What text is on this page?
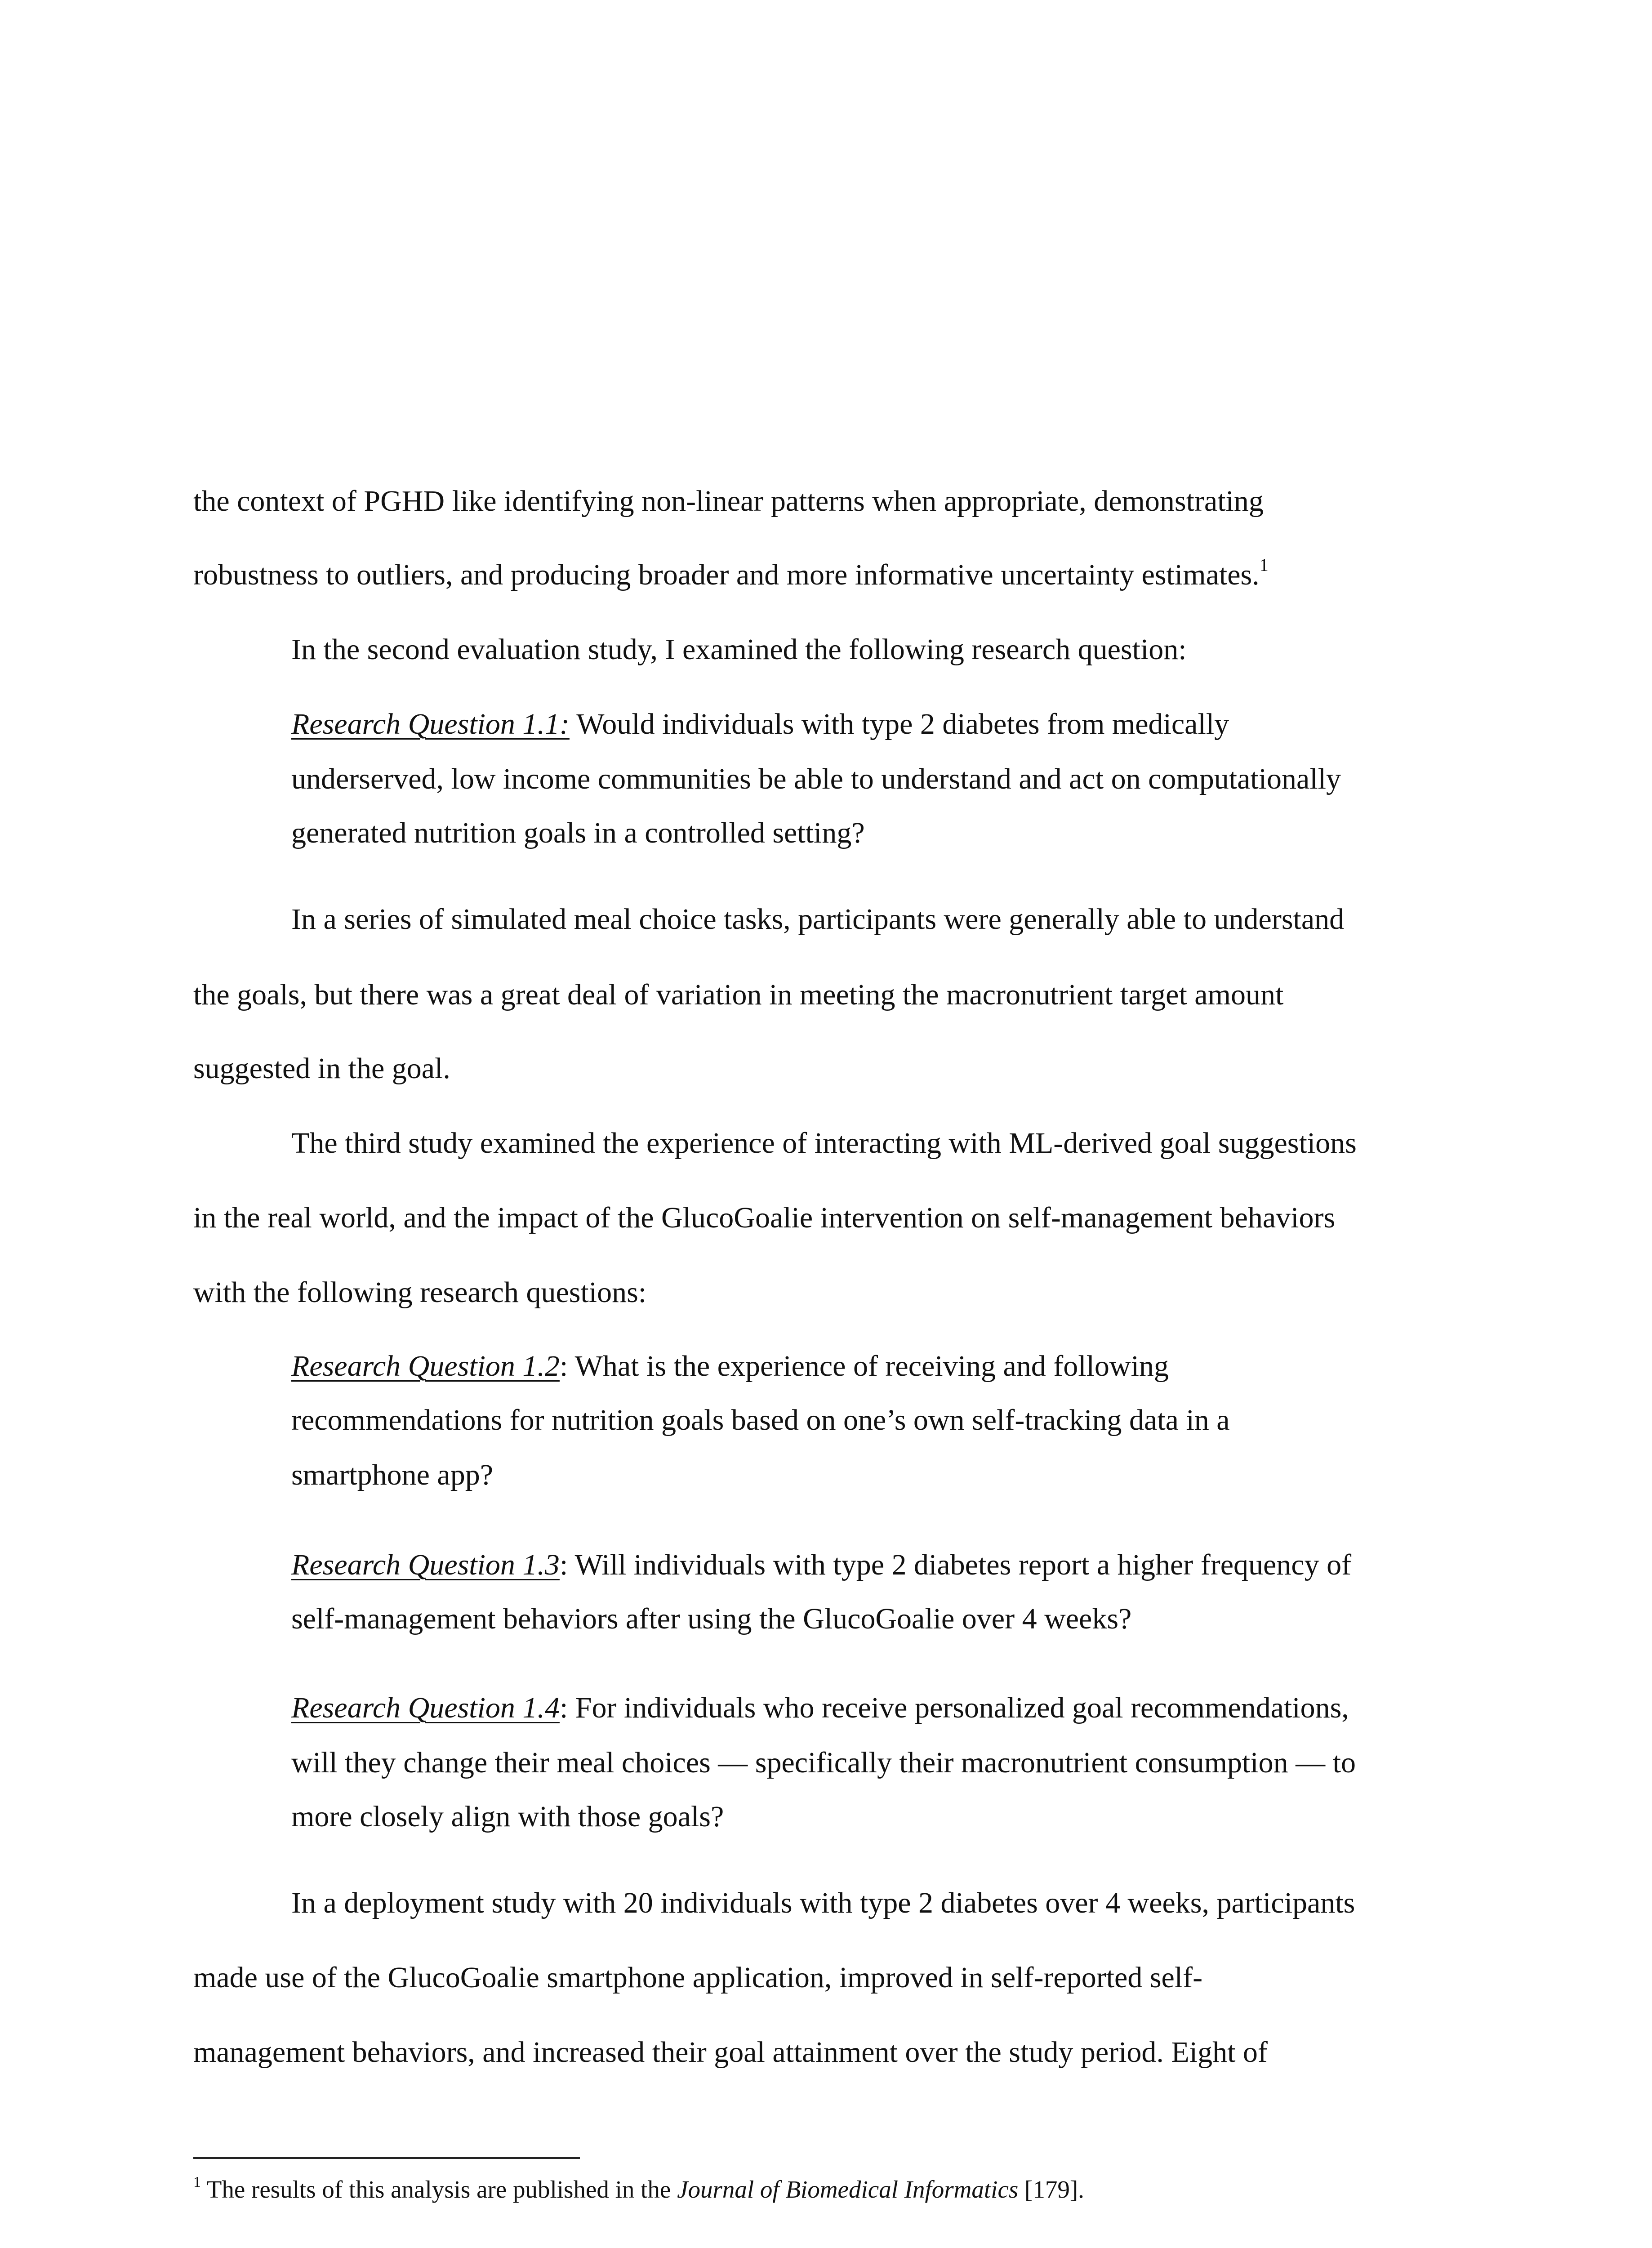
the context of PGHD like identifying non-linear patterns when appropriate, demonstrating
robustness to outliers, and producing broader and more informative uncertainty estimates.$^1$
In the second evaluation study, I examined the following research question:
Research Question 1.1: Would individuals with type 2 diabetes from medically
underserved, low income communities be able to understand and act on computationally
generated nutrition goals in a controlled setting?
In a series of simulated meal choice tasks, participants were generally able to understand
the goals, but there was a great deal of variation in meeting the macronutrient target amount
suggested in the goal.
The third study examined the experience of interacting with ML-derived goal suggestions
in the real world, and the impact of the GlucoGoalie intervention on self-management behaviors
with the following research questions:
Research Question 1.2: What is the experience of receiving and following
recommendations for nutrition goals based on one’s own self-tracking data in a
smartphone app?
Research Question 1.3: Will individuals with type 2 diabetes report a higher frequency of
self-management behaviors after using the GlucoGoalie over 4 weeks?
Research Question 1.4: For individuals who receive personalized goal recommendations,
will they change their meal choices — specifically their macronutrient consumption — to
more closely align with those goals?
In a deployment study with 20 individuals with type 2 diabetes over 4 weeks, participants
made use of the GlucoGoalie smartphone application, improved in self-reported self-
management behaviors, and increased their goal attainment over the study period. Eight of
$^1$ The results of this analysis are published in the Journal of Biomedical Informatics [179].
